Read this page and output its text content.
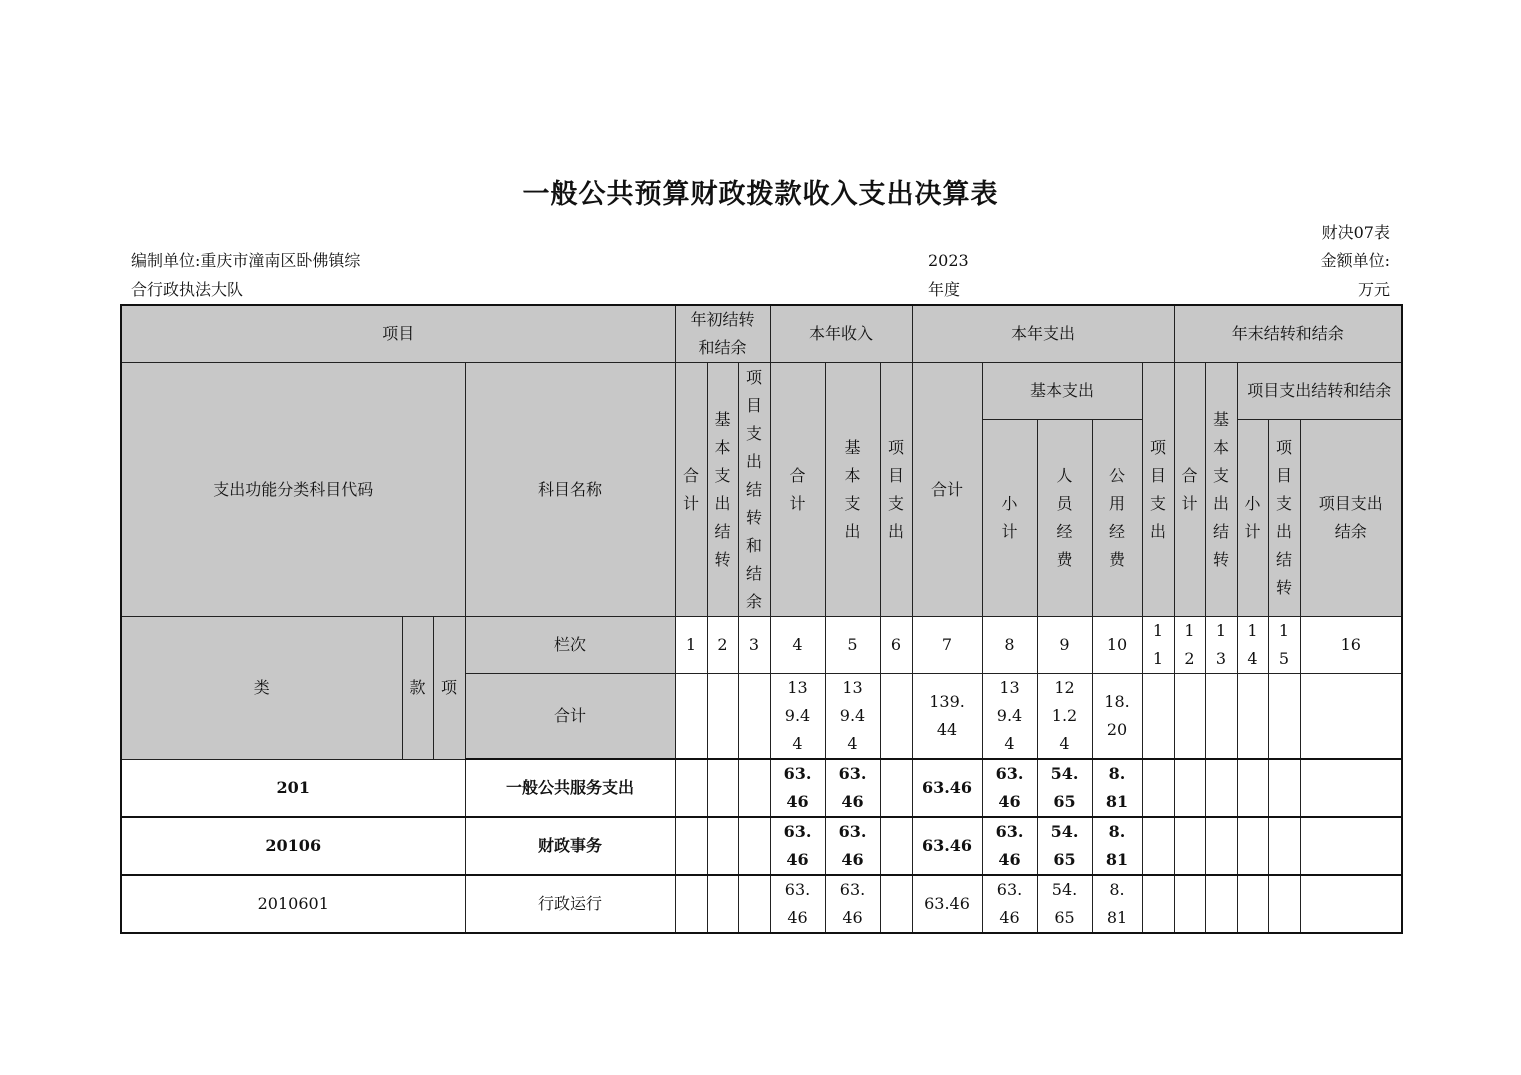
一般公共预算财政拨款收入支出决算表
财决07表
编制单位:重庆市潼南区卧佛镇综
合行政执法大队
2023
年度
金额单位:
万元
项目				年初结转和结余			本年收入			本年支出					年末结转和结余				
支出功能分类科目代码			科目名称	合计	基本支出结转	项目支出结转和结余	合计	基本支出	项目支出	合计	基本支出			项目支出	合计	基本支出结转	项目支出结转和结余		

											小计	人员经费	公用经费				小计	项目支出结转	项目支出结余

类	款	项	栏次	1	2	3	4	5	6	7	8	9	10	11	12	13	14	15	16
			合计				139.44	139.44		139.44	139.44	121.24	18.20						

201			一般公共服务支出				63.46	63.46		63.46	63.46	54.65	8.81						

20106			财政事务				63.46	63.46		63.46	63.46	54.65	8.81						

2010601			行政运行				63.46	63.46		63.46	63.46	54.65	8.81						
